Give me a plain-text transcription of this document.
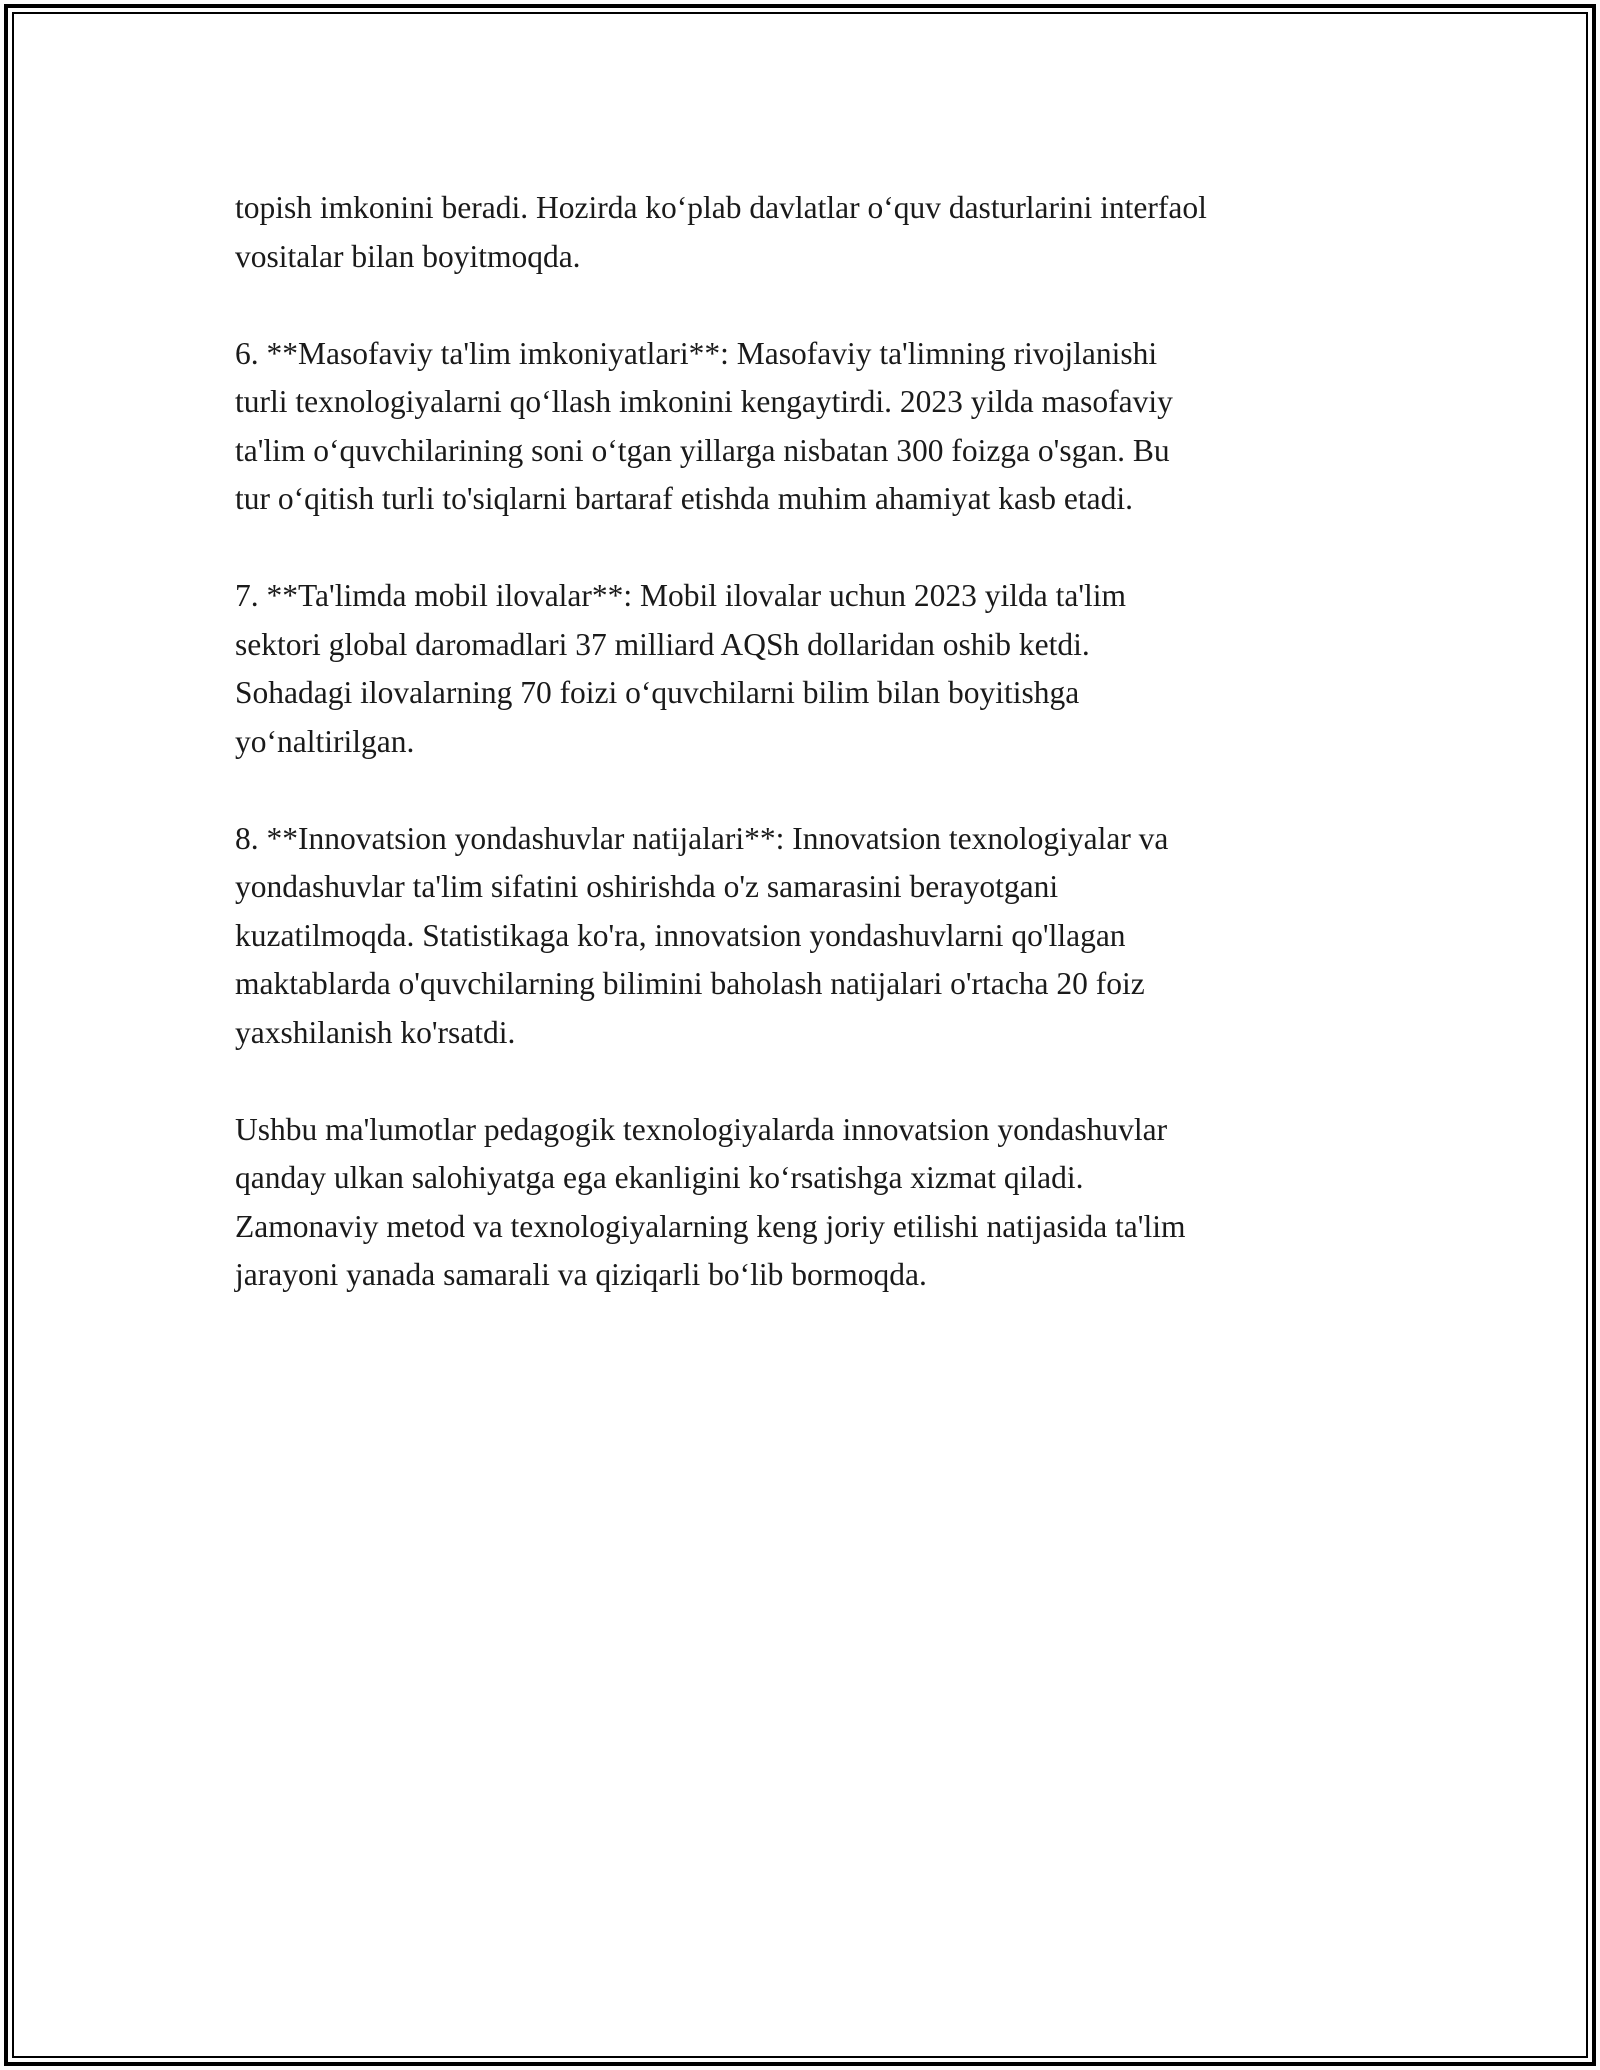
topish imkonini beradi. Hozirda ko‘plab davlatlar o‘quv dasturlarini interfaol
vositalar bilan boyitmoqda.

6. **Masofaviy ta'lim imkoniyatlari**: Masofaviy ta'limning rivojlanishi
turli texnologiyalarni qo‘llash imkonini kengaytirdi. 2023 yilda masofaviy
ta'lim o‘quvchilarining soni o‘tgan yillarga nisbatan 300 foizga o'sgan. Bu
tur o‘qitish turli to'siqlarni bartaraf etishda muhim ahamiyat kasb etadi.

7. **Ta'limda mobil ilovalar**: Mobil ilovalar uchun 2023 yilda ta'lim
sektori global daromadlari 37 milliard AQSh dollaridan oshib ketdi.
Sohadagi ilovalarning 70 foizi o‘quvchilarni bilim bilan boyitishga
yo‘naltirilgan.

8. **Innovatsion yondashuvlar natijalari**: Innovatsion texnologiyalar va
yondashuvlar ta'lim sifatini oshirishda o'z samarasini berayotgani
kuzatilmoqda. Statistikaga ko'ra, innovatsion yondashuvlarni qo'llagan
maktablarda o'quvchilarning bilimini baholash natijalari o'rtacha 20 foiz
yaxshilanish ko'rsatdi.

Ushbu ma'lumotlar pedagogik texnologiyalarda innovatsion yondashuvlar
qanday ulkan salohiyatga ega ekanligini ko‘rsatishga xizmat qiladi.
Zamonaviy metod va texnologiyalarning keng joriy etilishi natijasida ta'lim
jarayoni yanada samarali va qiziqarli bo‘lib bormoqda.
